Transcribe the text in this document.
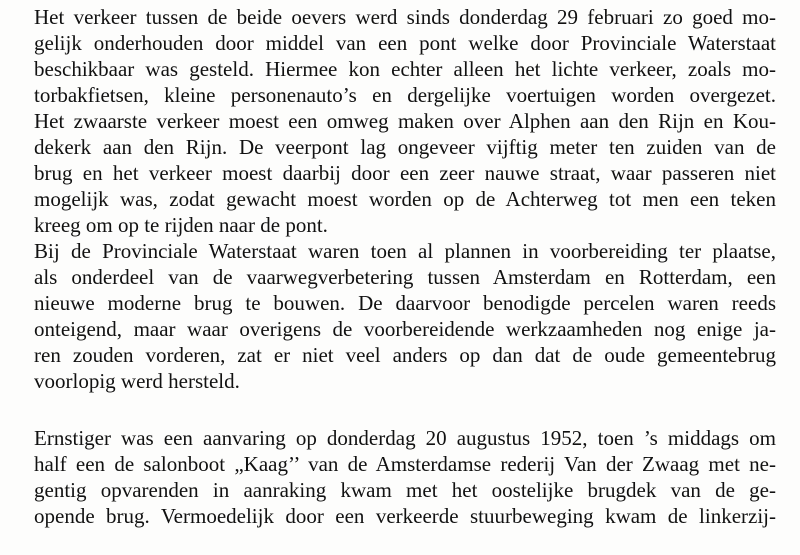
Het verkeer tussen de beide oevers werd sinds donderdag 29 februari zo goed mo-
gelijk onderhouden door middel van een pont welke door Provinciale Waterstaat
beschikbaar was gesteld. Hiermee kon echter alleen het lichte verkeer, zoals mo-
torbakfietsen, kleine personenauto’s en dergelijke voertuigen worden overgezet.
Het zwaarste verkeer moest een omweg maken over Alphen aan den Rijn en Kou-
dekerk aan den Rijn. De veerpont lag ongeveer vijftig meter ten zuiden van de
brug en het verkeer moest daarbij door een zeer nauwe straat, waar passeren niet
mogelijk was, zodat gewacht moest worden op de Achterweg tot men een teken
kreeg om op te rijden naar de pont.
Bij de Provinciale Waterstaat waren toen al plannen in voorbereiding ter plaatse,
als onderdeel van de vaarwegverbetering tussen Amsterdam en Rotterdam, een
nieuwe moderne brug te bouwen. De daarvoor benodigde percelen waren reeds
onteigend, maar waar overigens de voorbereidende werkzaamheden nog enige ja-
ren zouden vorderen, zat er niet veel anders op dan dat de oude gemeentebrug
voorlopig werd hersteld.
Ernstiger was een aanvaring op donderdag 20 augustus 1952, toen ’s middags om
half een de salonboot „Kaag’’ van de Amsterdamse rederij Van der Zwaag met ne-
gentig opvarenden in aanraking kwam met het oostelijke brugdek van de ge-
opende brug. Vermoedelijk door een verkeerde stuurbeweging kwam de linkerzij-
